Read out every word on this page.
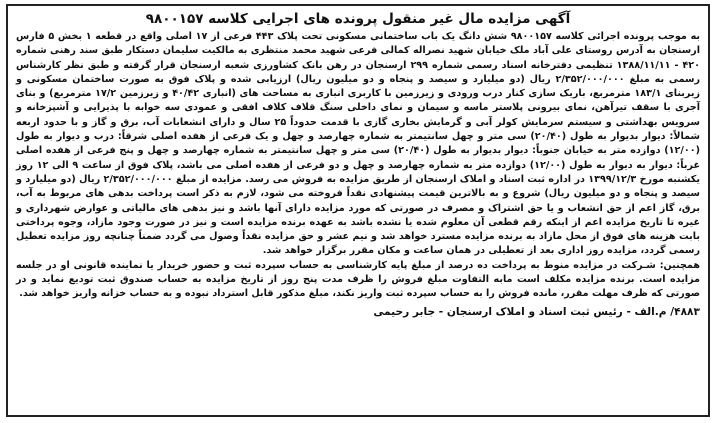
آگهی مزایده مال غیر منقول پرونده های اجرایی کلاسه ۹۸۰۰۱۵۷

به موجب پرونده اجرائی کلاسه ۹۸۰۰۱۵۷ شش دانگ یک باب ساختمانی مسکونی تحت پلاک ۴۴۳ فرعی از ۱۷ اصلی واقع در قطعه ۱ بخش ۵ فارس ارسنجان به آدرس روستای علی آباد ملک خیابان شهید نصراله کمالی فرعی شهید محمد منتظری به مالکیت سلیمان دستکار طبق سند رهنی شماره ۴۲۰ - ۱۳۸۸/۱۱/۱۱ تنظیمی دفترخانه اسناد رسمی شماره ۲۹۹ ارسنجان در رهن بانک کشاورزی شعبه ارسنجان قرار گرفته و طبق نظر کارشناس رسمی به مبلغ ۲/۳۵۲/۰۰۰/۰۰۰ ریال (دو میلیارد و سیصد و پنجاه و دو میلیون ریال) ارزیابی شده و پلاک فوق به صورت ساختمان مسکونی و زیربنای ۱۸۳/۱ مترمربع، باریک سازی کنار درب ورودی و زیرزمین با کاربری انباری به مساحت های (انباری ۴۰/۴۲ و زیرزمین ۱۷/۲ مترمربع) و بنای آجری با سقف تیرآهن، نمای بیرونی پلاستر ماسه و سیمان و نمای داخلی سنگ قلاف کلاف افقی و عمودی سه خوابه با پذیرایی و آشپزخانه و سرویس بهداشتی و سیستم سرمایش کولر آبی و گرمایش بخاری گازی با قدمت حدوداً ۲۵ سال و دارای انشعابات آب، برق و گاز و با حدود اربعه شمالاً: دیوار بدیوار به طول (۲۰/۴۰) سی متر و چهل سانتیمتر به شماره چهارصد و چهل و یک فرعی از هفده اصلی شرقاً: درب و دیوار به طول (۱۲/۰۰) دوازده متر به خیابان جنوباً: دیوار بدیوار به طول (۲۰/۴۰) سی متر و چهل سانتیمتر به شماره چهارصد و چهل و پنج فرعی از هفده اصلی غرباً: دیوار به دیوار به طول (۱۲/۰۰) دوازده متر به شماره چهارصد و چهل و دو فرعی از هفده اصلی می باشد، پلاک فوق از ساعت ۹ الی ۱۲ روز یکشنبه مورخ ۱۳۹۹/۱۲/۳ در اداره ثبت اسناد و املاک ارسنجان از طریق مزایده به فروش می رسد. مزایده از مبلغ ۲/۳۵۲/۰۰۰/۰۰۰ ریال (دو میلیارد و سیصد و پنجاه و دو میلیون ریال) شروع و به بالاترین قیمت پیشنهادی نقداً فروخته می شود، لازم به ذکر است پرداخت بدهی های مربوط به آب، برق، گاز اعم از حق انشعاب و یا حق اشتراک و مصرف در صورتی که مورد مزایده دارای آنها باشد و نیز بدهی های مالیاتی و عوارض شهرداری و غیره تا تاریخ مزایده اعم از اینکه رقم قطعی آن معلوم شده یا نشده باشد به عهده برنده مزایده است و نیز در صورت وجود مازاد، وجوه پرداختی بابت هزینه های فوق از محل مازاد به برنده مزایده مسترد خواهد شد و نیم عشر و حق مزایده نقداً وصول می گردد ضمناً چنانچه روز مزایده تعطیل رسمی گردد، مزایده روز اداری بعد از تعطیلی در همان ساعت و مکان مقرر برگزار خواهد شد.

همچنین: شـرکت در مزایده منوط به پرداخت ده درصد از مبلغ پایه کارشناسی به حساب سپرده ثبت و حضور خریدار یا نماینده قانونی او در جلسه مزایده است. برنده مزایده مکلف است مابه التفاوت مبلغ فروش را ظرف مدت پنج روز از تاریخ مزایده به حساب صندوق ثبت تودیع نماید و در صورتی که ظرف مهلت مقرر، مانده فروش را به حساب سپرده ثبت واریز نکند، مبلغ مذکور قابل استرداد نبوده و به حساب خزانه واریز خواهد شد.

۴۸۸۳/ م.الف - رئیس ثبت اسناد و املاک ارسنجان - جابر رحیمی
